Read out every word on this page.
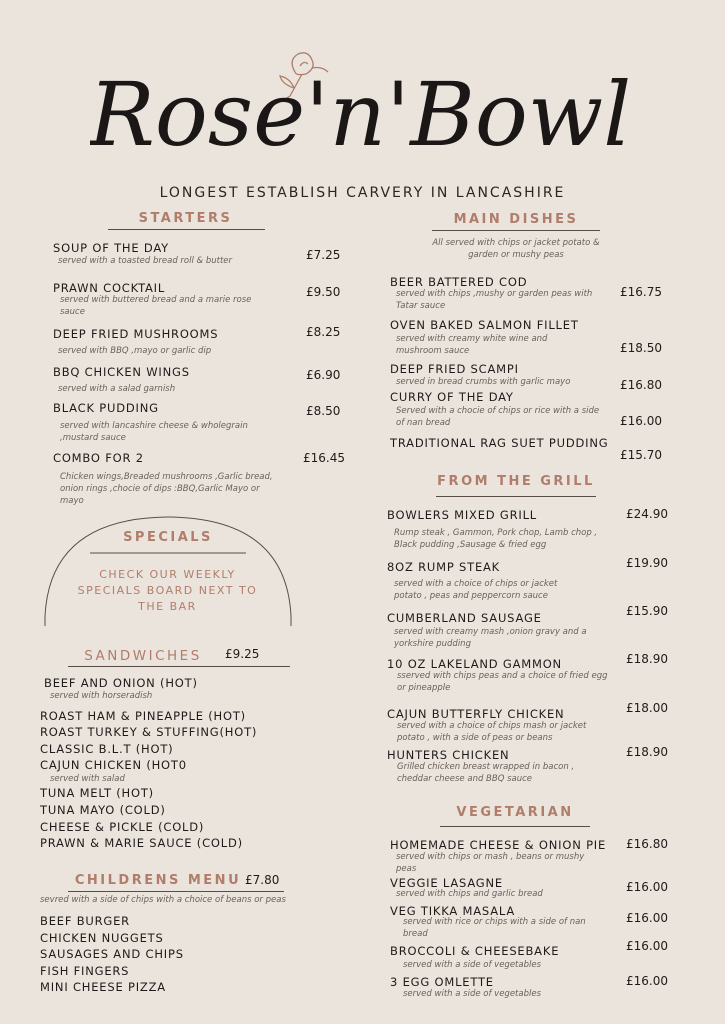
Rose'n'Bowl
LONGEST ESTABLISH CARVERY IN LANCASHIRE
STARTERS
SOUP OF THE DAY
served with a toasted bread roll & butter	£7.25
PRAWN COCKTAIL
served with buttered bread and a marie rose sauce
£9.50
DEEP FRIED MUSHROOMS
served with BBQ ,mayo or garlic dip
£8.25
BBQ CHICKEN WINGS
served with a salad garnish
£6.90
BLACK PUDDING
served with lancashire cheese & wholegrain ,mustard sauce
£8.50
COMBO FOR 2
Chicken wings,Breaded mushrooms ,Garlic bread, onion rings ,chocie of dips :BBQ,Garlic Mayo or mayo
£16.45
SPECIALS
CHECK OUR WEEKLY SPECIALS BOARD NEXT TO THE BAR
SANDWICHES	£9.25
BEEF AND ONION (HOT)
served with horseradish
ROAST HAM & PINEAPPLE (HOT)
ROAST TURKEY & STUFFING(HOT)
CLASSIC B.L.T (HOT)
CAJUN CHICKEN (HOT0
served with salad
TUNA MELT (HOT)
TUNA MAYO (COLD)
CHEESE & PICKLE (COLD)
PRAWN & MARIE SAUCE (COLD)
CHILDRENS MENU £7.80
sevred with a side of chips with a choice of beans or peas
BEEF BURGER
CHICKEN NUGGETS
SAUSAGES AND CHIPS
FISH FINGERS
MINI CHEESE PIZZA
MAIN DISHES
All served with chips or jacket potato & garden or mushy peas
BEER BATTERED COD
served with chips ,mushy or garden peas with Tatar sauce
£16.75
OVEN BAKED SALMON FILLET
served with creamy white wine and mushroom sauce	£18.50
DEEP FRIED SCAMPI
served in bread crumbs with garlic mayo	£16.80
CURRY OF THE DAY
Served with a chocie of chips or rice with a side of nan bread	£16.00
TRADITIONAL RAG SUET PUDDING
£15.70
FROM THE GRILL
BOWLERS MIXED GRILL
Rump steak , Gammon, Pork chop, Lamb chop , Black pudding ,Sausage & fried egg
£24.90
8OZ RUMP STEAK
served with a choice of chips or jacket potato , peas and peppercorn sauce
£19.90
CUMBERLAND SAUSAGE
served with creamy mash ,onion gravy and a yorkshire pudding
£15.90
10 OZ LAKELAND GAMMON
sserved with chips peas and a choice of fried egg or pineapple
£18.90
CAJUN BUTTERFLY CHICKEN
served with a choice of chips mash or jacket potato , with a side of peas or beans
£18.00
HUNTERS CHICKEN
Grilled chicken breast wrapped in bacon , cheddar cheese and BBQ sauce
£18.90
VEGETARIAN
HOMEMADE CHEESE & ONION PIE
served with chips or mash , beans or mushy peas
£16.80
VEGGIE LASAGNE
served with chips and garlic bread	£16.00
VEG TIKKA MASALA
served with rice or chips with a side of nan bread
£16.00
BROCCOLI & CHEESEBAKE
served with a side of vegetables
£16.00
3 EGG OMLETTE
served with a side of vegetables
£16.00
